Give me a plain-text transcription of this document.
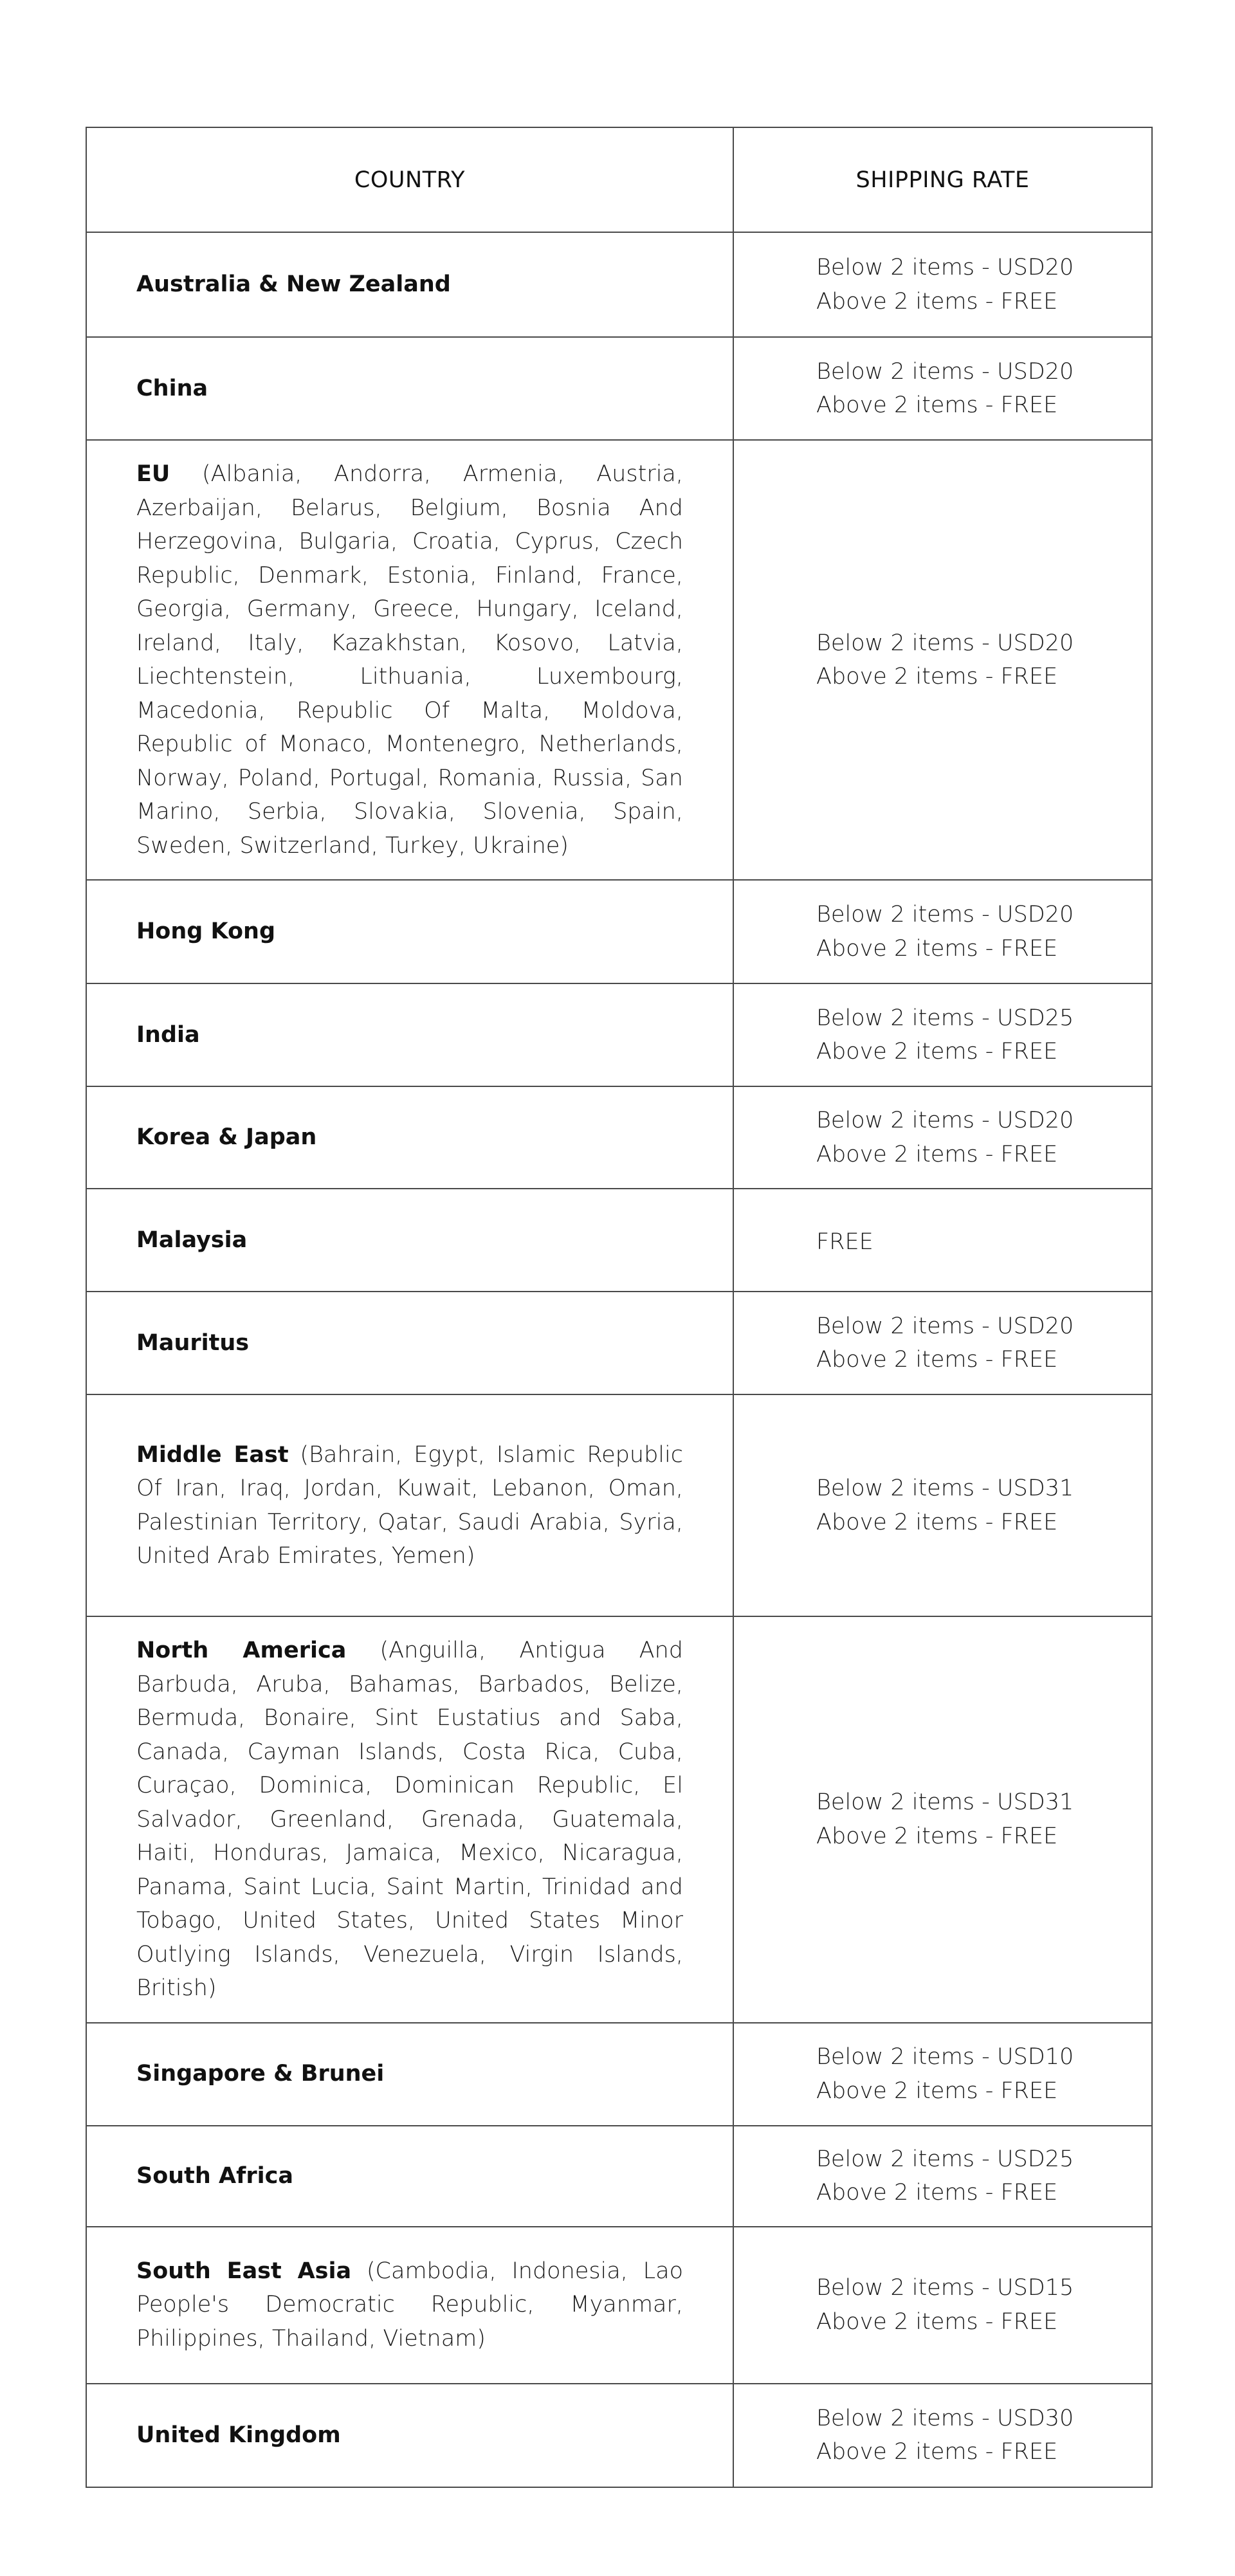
COUNTRY	SHIPPING RATE
Australia & New Zealand	Below 2 items - USD20
Above 2 items - FREE

China	Below 2 items - USD20
Above 2 items - FREE

EU (Albania, Andorra, Armenia, Austria, Azerbaijan, Belarus, Belgium, Bosnia And Herzegovina, Bulgaria, Croatia, Cyprus, Czech Republic, Denmark, Estonia, Finland, France, Georgia, Germany, Greece, Hungary, Iceland, Ireland, Italy, Kazakhstan, Kosovo, Latvia, Liechtenstein, Lithuania, Luxembourg, Macedonia, Republic Of Malta, Moldova, Republic of Monaco, Montenegro, Netherlands, Norway, Poland, Portugal, Romania, Russia, San Marino, Serbia, Slovakia, Slovenia, Spain, Sweden, Switzerland, Turkey, Ukraine)	Below 2 items - USD20
Above 2 items - FREE

Hong Kong	Below 2 items - USD20
Above 2 items - FREE

India	Below 2 items - USD25
Above 2 items - FREE

Korea & Japan	Below 2 items - USD20
Above 2 items - FREE

Malaysia	FREE

Mauritus	Below 2 items - USD20
Above 2 items - FREE

Middle East (Bahrain, Egypt, Islamic Republic Of Iran, Iraq, Jordan, Kuwait, Lebanon, Oman, Palestinian Territory, Qatar, Saudi Arabia, Syria, United Arab Emirates, Yemen)	Below 2 items - USD31
Above 2 items - FREE

North America (Anguilla, Antigua And Barbuda, Aruba, Bahamas, Barbados, Belize, Bermuda, Bonaire, Sint Eustatius and Saba, Canada, Cayman Islands, Costa Rica, Cuba, Curaçao, Dominica, Dominican Republic, El Salvador, Greenland, Grenada, Guatemala, Haiti, Honduras, Jamaica, Mexico, Nicaragua, Panama, Saint Lucia, Saint Martin, Trinidad and Tobago, United States, United States Minor Outlying Islands, Venezuela, Virgin Islands, British)	Below 2 items - USD31
Above 2 items - FREE

Singapore & Brunei	Below 2 items - USD10
Above 2 items - FREE

South Africa	Below 2 items - USD25
Above 2 items - FREE

South East Asia (Cambodia, Indonesia, Lao People's Democratic Republic, Myanmar, Philippines, Thailand, Vietnam)	Below 2 items - USD15
Above 2 items - FREE

United Kingdom	Below 2 items - USD30
Above 2 items - FREE
